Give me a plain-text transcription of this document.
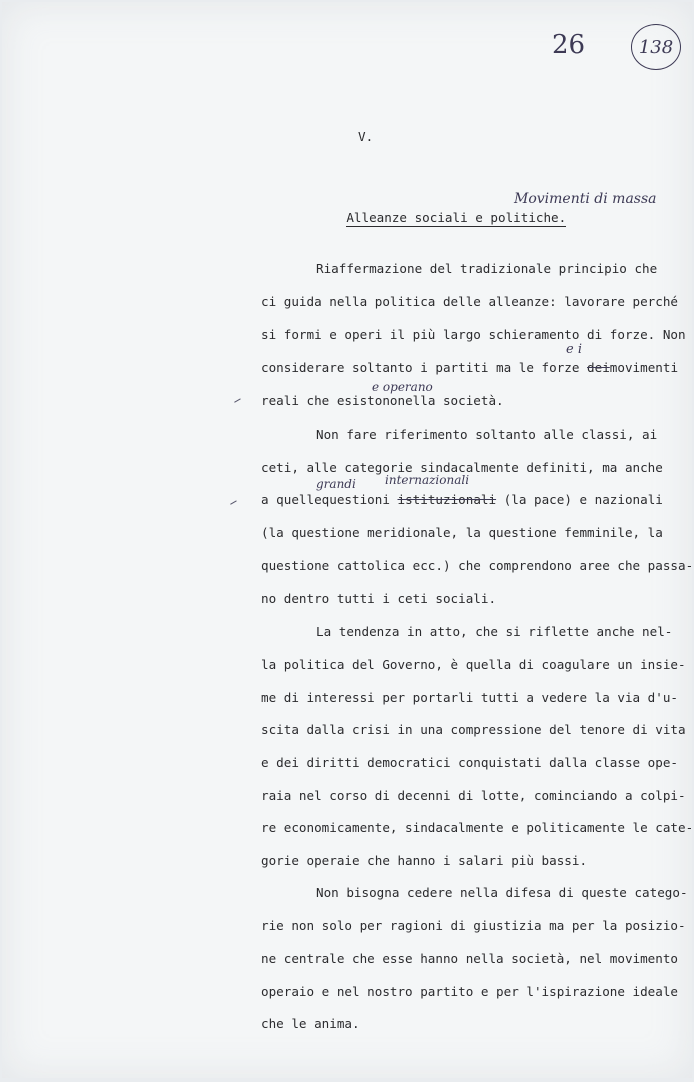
26	138
V.

Alleanze sociali e politiche.

Movimenti di massa
Riaffermazione del tradizionale principio che
ci guida nella politica delle alleanze: lavorare perché
si formi e operi il più largo schieramento di forze. Non
e i
considerare soltanto i partiti ma le forze deimovimenti
e operano
reali che esistononella società.
Non fare riferimento soltanto alle classi, ai
ceti, alle categorie sindacalmente definiti, ma anche
grandi internazionali
a quellequestioni istituzionali (la pace) e nazionali
(la questione meridionale, la questione femminile, la
questione cattolica ecc.) che comprendono aree che passa-
no dentro tutti i ceti sociali.
La tendenza in atto, che si riflette anche nel-
la politica del Governo, è quella di coagulare un insie-
me di interessi per portarli tutti a vedere la via d'u-
scita dalla crisi in una compressione del tenore di vita
e dei diritti democratici conquistati dalla classe ope-
raia nel corso di decenni di lotte, cominciando a colpi-
re economicamente, sindacalmente e politicamente le cate-
gorie operaie che hanno i salari più bassi.
Non bisogna cedere nella difesa di queste catego-
rie non solo per ragioni di giustizia ma per la posizio-
ne centrale che esse hanno nella società, nel movimento
operaio e nel nostro partito e per l'ispirazione ideale
che le anima.
